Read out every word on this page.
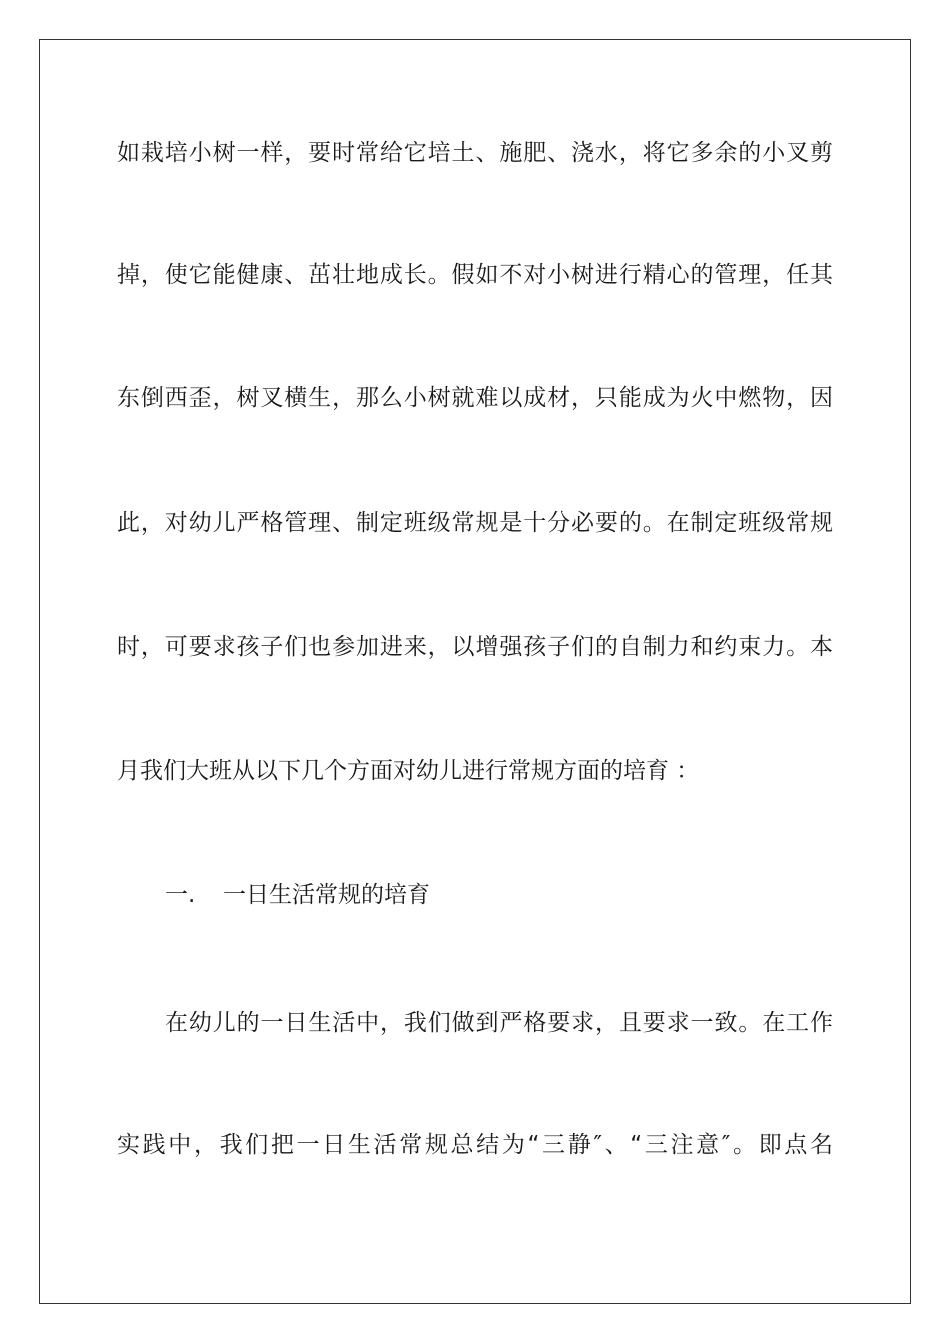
如栽培小树一样，要时常给它培土、施肥、浇水，将它多余的小叉剪
掉，使它能健康、茁壮地成长。假如不对小树进行精心的管理，任其
东倒西歪，树叉横生，那么小树就难以成材，只能成为火中燃物，因
此，对幼儿严格管理、制定班级常规是十分必要的。在制定班级常规
时，可要求孩子们也参加进来，以增强孩子们的自制力和约束力。本
月我们大班从以下几个方面对幼儿进行常规方面的培育 ：
一. 一日生活常规的培育
在幼儿的一日生活中，我们做到严格要求，且要求一致。在工作
实践中，我们把一日生活常规总结为“三静″、“三注意″。即点名
